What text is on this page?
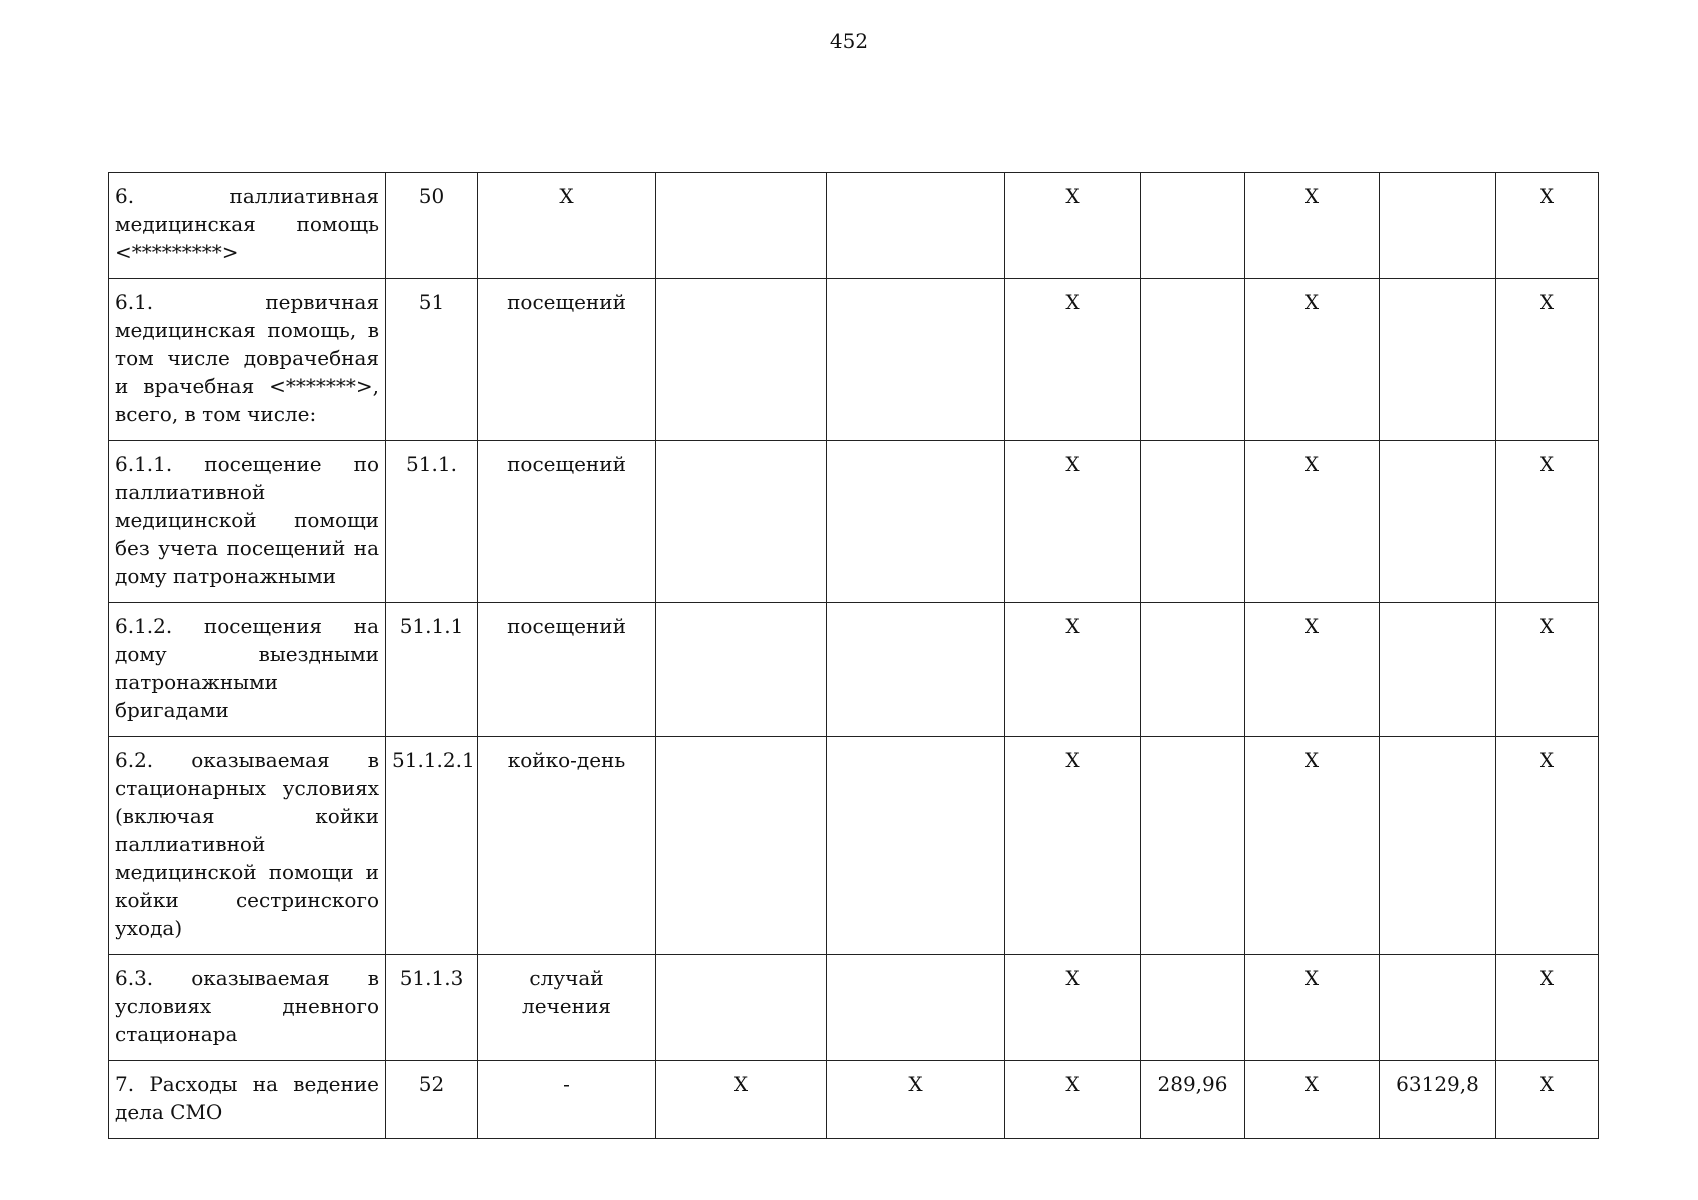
452
6. паллиативная медицинская помощь <*********>	50	Х			Х		Х		Х
6.1. первичная медицинская помощь, в том числе доврачебная и врачебная <*******>, всего, в том числе:	51	посещений			Х		Х		Х
6.1.1. посещение по паллиативной медицинской помощи без учета посещений на дому патронажными	51.1.	посещений			Х		Х		Х
6.1.2. посещения на дому выездными патронажными бригадами	51.1.1	посещений			Х		Х		Х
6.2. оказываемая в стационарных условиях (включая койки паллиативной медицинской помощи и койки сестринского ухода)	51.1.2.1	койко-день			Х		Х		Х
6.3. оказываемая в условиях дневного стационара	51.1.3	случай лечения			Х		Х		Х
7. Расходы на ведение дела СМО	52	-	Х	Х	Х	289,96	Х	63129,8	Х
